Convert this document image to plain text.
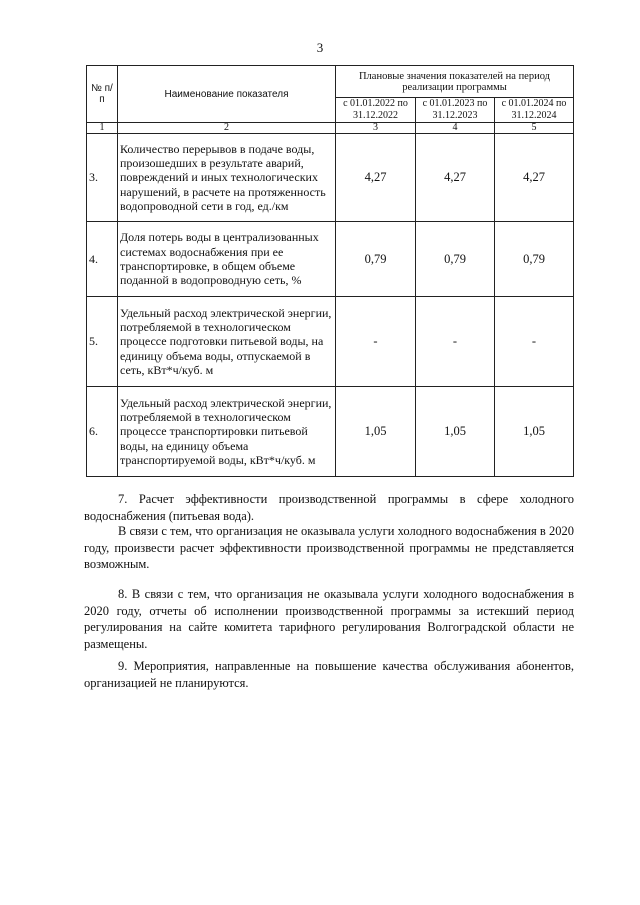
3
№ п/п	Наименование показателя	Плановые значения показателей на период реализации программы		
		с 01.01.2022 по 31.12.2022	с 01.01.2023 по 31.12.2023	с 01.01.2024 по 31.12.2024
1	2	3	4	5
3.	Количество перерывов в подаче воды, произошедших в результате аварий, повреждений и иных технологических нарушений, в расчете на протяженность водопроводной сети в год, ед./км	4,27	4,27	4,27
4.	Доля потерь воды в централизованных системах водоснабжения при ее транспортировке, в общем объеме поданной в водопроводную сеть, %	0,79	0,79	0,79
5.	Удельный расход электрической энергии, потребляемой в технологическом процессе подготовки питьевой воды, на единицу объема воды, отпускаемой в сеть, кВт*ч/куб. м	-	-	-
6.	Удельный расход электрической энергии, потребляемой в технологическом процессе транспортировки питьевой воды, на единицу объема транспортируемой воды, кВт*ч/куб. м	1,05	1,05	1,05

7. Расчет эффективности производственной программы в сфере холодного водоснабжения (питьевая вода).

В связи с тем, что организация не оказывала услуги холодного водоснабжения в 2020 году, произвести расчет эффективности производственной программы не представляется возможным.

8. В связи с тем, что организация не оказывала услуги холодного водоснабжения в 2020 году, отчеты об исполнении производственной программы за истекший период регулирования на сайте комитета тарифного регулирования Волгоградской области не размещены.

9. Мероприятия, направленные на повышение качества обслуживания абонентов, организацией не планируются.
